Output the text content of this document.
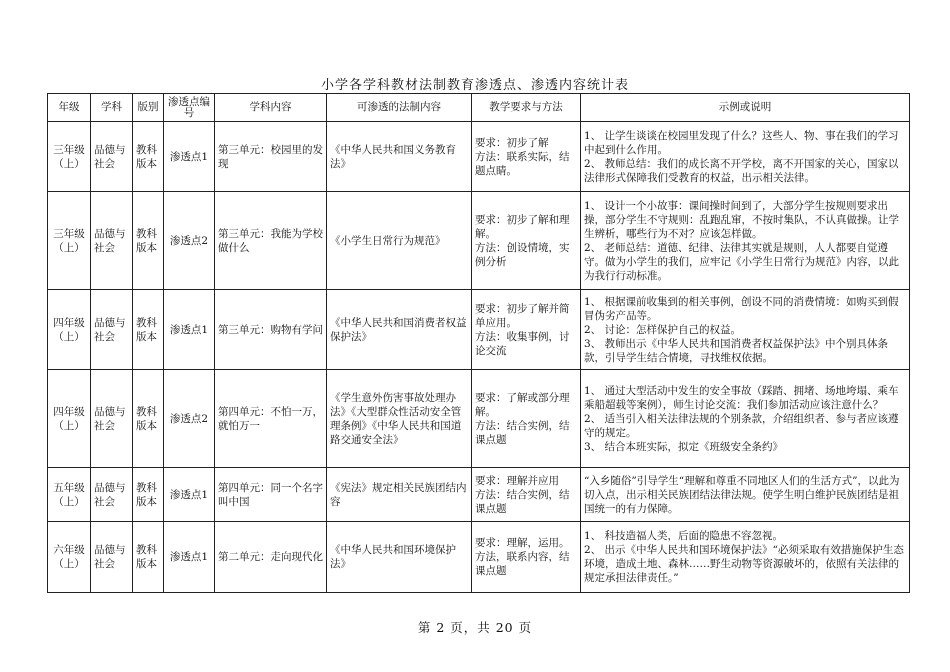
小学各学科教材法制教育渗透点、渗透内容统计表
年级	学科	版别	渗透点编号	学科内容	可渗透的法制内容	教学要求与方法	示例或说明
三年级（上）	品德与社会	教科版本	渗透点1	第三单元：校园里的发现	《中华人民共和国义务教育法》	要求：初步了解
方法：联系实际，结题点睛。	1、 让学生谈谈在校园里发现了什么？这些人、物、事在我们的学习中起到什么作用。
2、 教师总结：我们的成长离不开学校，离不开国家的关心，国家以法律形式保障我们受教育的权益，出示相关法律。

三年级（上）	品德与社会	教科版本	渗透点2	第三单元：我能为学校做什么	《小学生日常行为规范》	要求：初步了解和理解。
方法：创设情境，实例分析	1、 设计一个小故事：课间操时间到了，大部分学生按规则要求出操，部分学生不守规则：乱跑乱窜，不按时集队，不认真做操。让学生辨析，哪些行为不对？应该怎样做。
2、 老师总结：道德、纪律、法律其实就是规则，人人都要自觉遵守。做为小学生的我们，应牢记《小学生日常行为规范》内容，以此为我行行动标准。

四年级（上）	品德与社会	教科版本	渗透点1	第三单元：购物有学问	《中华人民共和国消费者权益保护法》	要求：初步了解并简单应用。
方法：收集事例，讨论交流	1、 根据课前收集到的相关事例，创设不同的消费情境：如购买到假冒伪劣产品等。
2、 讨论：怎样保护自己的权益。
3、 教师出示《中华人民共和国消费者权益保护法》中个别具体条款，引导学生结合情境，寻找维权依据。

四年级（上）	品德与社会	教科版本	渗透点2	第四单元：不怕一万，就怕万一	《学生意外伤害事故处理办法》《大型群众性活动安全管理条例》《中华人民共和国道路交通安全法》	要求：了解或部分理解。
方法：结合实例，结课点题	1、 通过大型活动中发生的安全事故（踩踏、拥堵、场地垮塌、乘车乘船超载等案例），师生讨论交流：我们参加活动应该注意什么？
2、 适当引入相关法律法规的个别条款，介绍组织者、参与者应该遵守的规定。
3、 结合本班实际，拟定《班级安全条约》

五年级（上）	品德与社会	教科版本	渗透点1	第四单元：同一个名字叫中国	《宪法》规定相关民族团结内容	要求：理解并应用
方法：结合实例，结课点题	“入乡随俗”引导学生“理解和尊重不同地区人们的生活方式”，以此为切入点，出示相关民族团结法律法规。使学生明白维护民族团结是祖国统一的有力保障。

六年级（上）	品德与社会	教科版本	渗透点1	第二单元：走向现代化	《中华人民共和国环境保护法》	要求：理解，运用。
方法，联系内容，结课点题	1、 科技造福人类，后面的隐患不容忽视。
2、 出示《中华人民共和国环境保护法》“必须采取有效措施保护生态环境，造成土地、森林……野生动物等资源破坏的，依照有关法律的规定承担法律责任。”
第 2 页，共 20 页
